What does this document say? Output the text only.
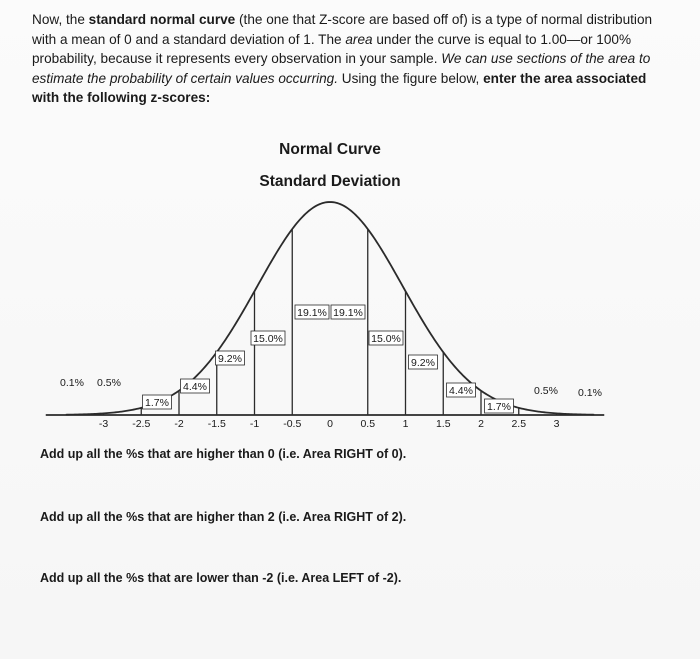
Now, the standard normal curve (the one that Z-score are based off of) is a type of normal distribution with a mean of 0 and a standard deviation of 1. The area under the curve is equal to 1.00—or 100% probability, because it represents every observation in your sample. We can use sections of the area to estimate the probability of certain values occurring. Using the figure below, enter the area associated with the following z-scores:
Normal Curve
Standard Deviation
0.1% 0.5%
1.7%
4.4%
9.2%
15.0%
19.1% 19.1%
15.0%
9.2%
4.4%
1.7%
0.5% 0.1%
-3 -2.5 -2 -1.5 -1 -0.5 0	0.5	1	1.5	2	2.5	3
Add up all the %s that are higher than 0 (i.e. Area RIGHT of 0).
Add up all the %s that are higher than 2 (i.e. Area RIGHT of 2).
Add up all the %s that are lower than -2 (i.e. Area LEFT of -2).
